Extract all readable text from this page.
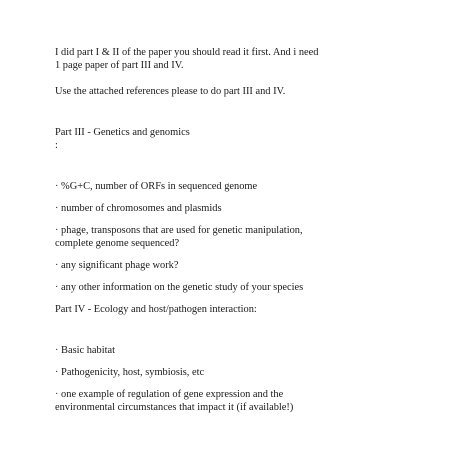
I did part I & II of the paper you should read it first. And i need

1 page paper of part III and IV.

Use the attached references please to do part III and IV.

Part III - Genetics and genomics

:

· %G+C, number of ORFs in sequenced genome

· number of chromosomes and plasmids

· phage, transposons that are used for genetic manipulation,

complete genome sequenced?

· any significant phage work?

· any other information on the genetic study of your species

Part IV - Ecology and host/pathogen interaction:

· Basic habitat

· Pathogenicity, host, symbiosis, etc

· one example of regulation of gene expression and the

environmental circumstances that impact it (if available!)
